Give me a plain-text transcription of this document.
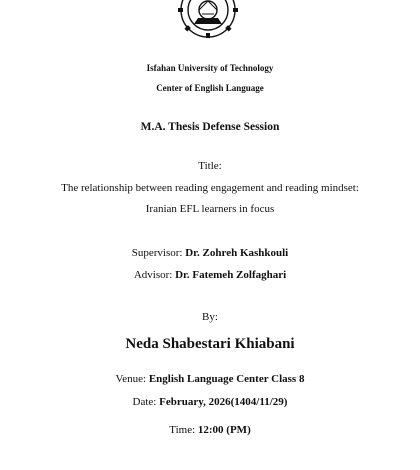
Isfahan University of Technology
Center of English Language
M.A. Thesis Defense Session
Title:
The relationship between reading engagement and reading mindset:
Iranian EFL learners in focus
Supervisor: Dr. Zohreh Kashkouli
Advisor: Dr. Fatemeh Zolfaghari
By:
Neda Shabestari Khiabani
Venue: English Language Center Class 8
Date: February, 2026(1404/11/29)
Time: 12:00 (PM)
